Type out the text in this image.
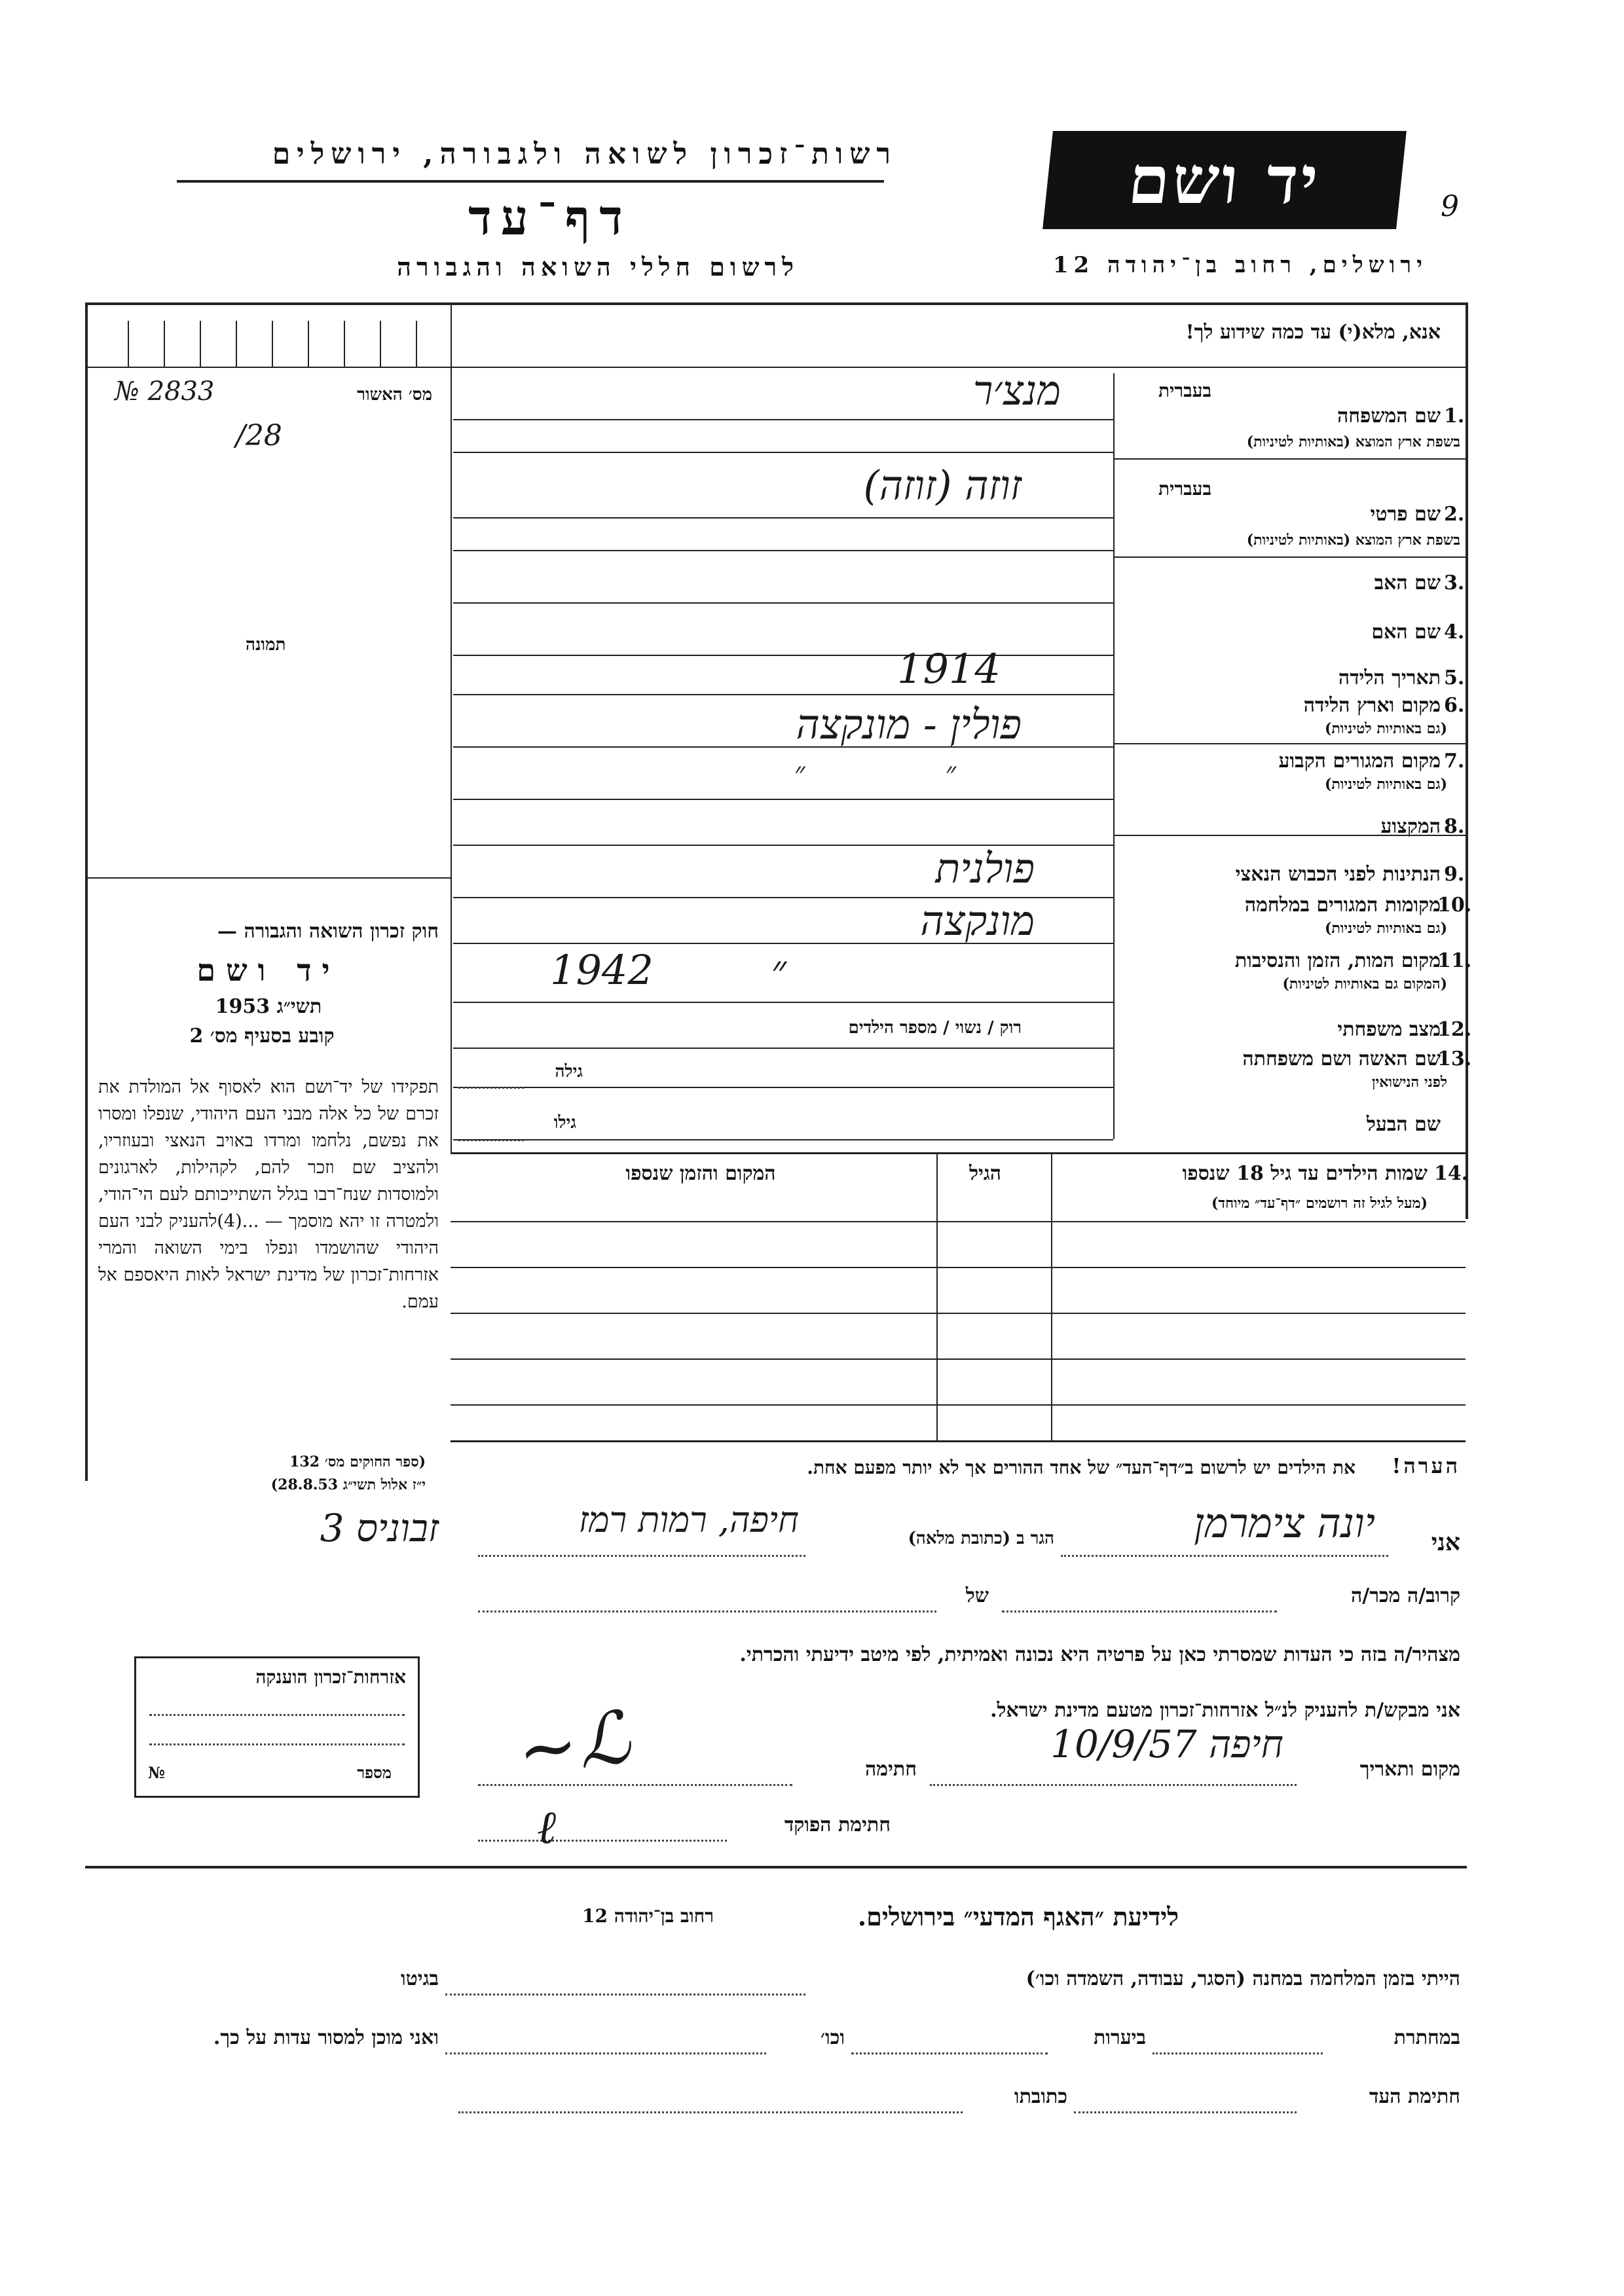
רשות־זכרון לשואה ולגבורה, ירושלים
דף־עד
לרשום חללי השואה והגבורה
יד ושם	9
ירושלים, רחוב בן־יהודה 12
מס׳ האשור
№ 2833
/28
תמונה
אנא, מלא(י) עד כמה שידוע לך!
בעברית
שם המשפחה 1.
בשפת ארץ המוצא (באותיות לטיניות)
מנצ׳ר
בעברית
שם פרטי 2.
בשפת ארץ המוצא (באותיות לטיניות)
זוזה (זוזה)
שם האב 3.
שם האם 4.
תאריך הלידה 5.
1914
מקום וארץ הלידה 6.
(גם באותיות לטיניות)
פולין - מונקצה
מקום המגורים הקבוע 7.
(גם באותיות לטיניות)
״ ״
המקצוע 8.
הנתינות לפני הכבוש הנאצי 9.
פולנית
מקומות המגורים במלחמה
10.
(גם באותיות לטיניות)
מונקצה
מקום המות, הזמן והנסיבות
11.
(המקום גם באותיות לטיניות)
1942 ״
מצב משפחתי
12.
רוק / נשוי / מספר הילדים
שם האשה ושם משפחתה
13.
לפני הנישואין
גילה
שם הבעל
גילו
שמות הילדים עד גיל 18 שנספו 14.
(מעל לגיל זה רושמים ״דף־עד״ מיוחד)
הגיל
המקום והזמן שנספו
חוק זכרון השואה והגבורה —
יד ושם
תשי״ג 1953
קובע בסעיף מס׳ 2
תפקידו של יד־ושם הוא לאסוף אל המולדת את זכרם של כל אלה מבני העם היהודי, שנפלו ומסרו את נפשם, נלחמו ומרדו באויב הנאצי ובעוזריו, ולהציב שם וזכר להם, לקהילות, לארגונים ולמוסדות שנח־רבו בגלל השתייכותם לעם הי־הודי, ולמטרה זו יהא מוסמך — ...(4)להעניק לבני העם היהודי שהושמדו ונפלו בימי השואה והמרי אזרחות־זכרון של מדינת ישראל לאות היאספם אל עמם.
(ספר החוקים מס׳ 132
י״ז אלול תשי״ג 28.8.53)
הערה!
את הילדים יש לרשום ב״דף־העד״ של אחד ההורים אך לא יותר מפעם אחת.
אני
יונה צימרמן
הגר ב (כתובת מלאה)
חיפה, רמות רמז
זבוניס 3
קרוב/ה מכר/ה
של
מצהיר/ה בזה כי העדות שמסרתי כאן על פרטיה היא נכונה ואמיתית, לפי מיטב ידיעתי והכרתי.
אני מבקש/ת להעניק לנ״ל אזרחות־זכרון מטעם מדינת ישראל.
מקום ותאריך
חיפה 10/9/57
חתימה
~ℒ
חתימת הפוקד
ℓ
אזרחות־זכרון הוענקה
מספר
№
לידיעת ״האגף המדעי״ בירושלים.
רחוב בן־יהודה 12
הייתי בזמן המלחמה במחנה (הסגר, עבודה, השמדה וכו׳)
בגיטו
במחתרת
ביערות
וכו׳
ואני מוכן למסור עדות על כך.
חתימת העד
כתובתו
